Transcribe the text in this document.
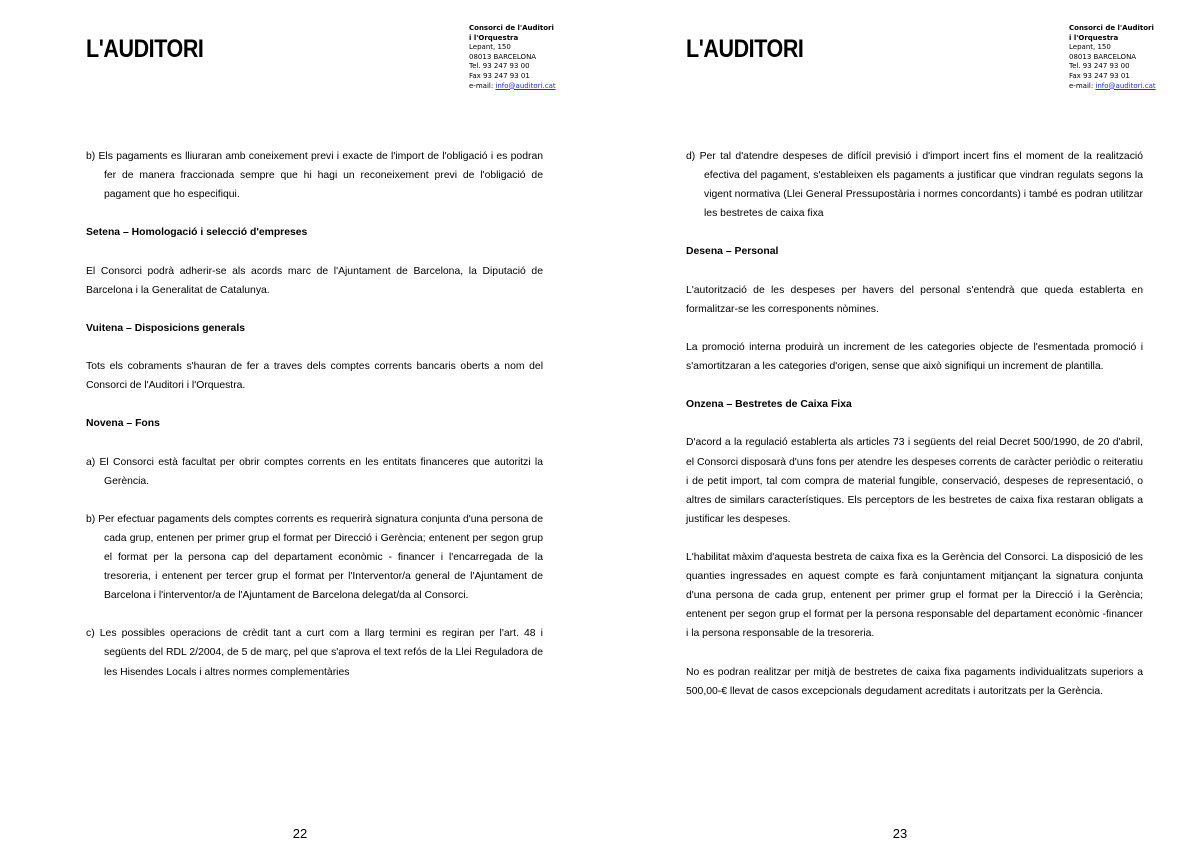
L'AUDITORI
Consorci de l'Auditori
i l'Orquestra
Lepant, 150
08013 BARCELONA
Tel. 93 247 93 00
Fax 93 247 93 01
e-mail: info@auditori.cat

b) Els pagaments es lliuraran amb coneixement previ i exacte de l'import de l'obligació i es podran fer de manera fraccionada sempre que hi hagi un reconeixement previ de l'obligació de pagament que ho especifiqui.

Setena – Homologació i selecció d'empreses

El Consorci podrà adherir-se als acords marc de l'Ajuntament de Barcelona, la Diputació de Barcelona i la Generalitat de Catalunya.

Vuitena – Disposicions generals

Tots els cobraments s'hauran de fer a traves dels comptes corrents bancaris oberts a nom del Consorci de l'Auditori i l'Orquestra.

Novena – Fons

a) El Consorci està facultat per obrir comptes corrents en les entitats financeres que autoritzi la Gerència.

b) Per efectuar pagaments dels comptes corrents es requerirà signatura conjunta d'una persona de cada grup, entenen per primer grup el format per Direcció i Gerència; entenent per segon grup el format per la persona cap del departament econòmic - financer i l'encarregada de la tresoreria, i entenent per tercer grup el format per l'Interventor/a general de l'Ajuntament de Barcelona i l'interventor/a de l'Ajuntament de Barcelona delegat/da al Consorci.

c) Les possibles operacions de crèdit tant a curt com a llarg termini es regiran per l'art. 48 i següents del RDL 2/2004, de 5 de març, pel que s'aprova el text refós de la Llei Reguladora de les Hisendes Locals i altres normes complementàries

22
L'AUDITORI
Consorci de l'Auditori
i l'Orquestra
Lepant, 150
08013 BARCELONA
Tel. 93 247 93 00
Fax 93 247 93 01
e-mail: info@auditori.cat

d) Per tal d'atendre despeses de difícil previsió i d'import incert fins el moment de la realització efectiva del pagament, s'estableixen els pagaments a justificar que vindran regulats segons la vigent normativa (Llei General Pressupostària i normes concordants) i també es podran utilitzar les bestretes de caixa fixa

Desena – Personal

L'autorització de les despeses per havers del personal s'entendrà que queda establerta en formalitzar-se les corresponents nòmines.

La promoció interna produirà un increment de les categories objecte de l'esmentada promoció i s'amortitzaran a les categories d'origen, sense que això signifiqui un increment de plantilla.

Onzena – Bestretes de Caixa Fixa

D'acord a la regulació establerta als articles 73 i següents del reial Decret 500/1990, de 20 d'abril, el Consorci disposarà d'uns fons per atendre les despeses corrents de caràcter periòdic o reiteratiu i de petit import, tal com compra de material fungible, conservació, despeses de representació, o altres de similars característiques. Els perceptors de les bestretes de caixa fixa restaran obligats a justificar les despeses.

L'habilitat màxim d'aquesta bestreta de caixa fixa es la Gerència del Consorci. La disposició de les quanties ingressades en aquest compte es farà conjuntament mitjançant la signatura conjunta d'una persona de cada grup, entenent per primer grup el format per la Direcció i la Gerència; entenent per segon grup el format per la persona responsable del departament econòmic -financer i la persona responsable de la tresoreria.

No es podran realitzar per mitjà de bestretes de caixa fixa pagaments individualitzats superiors a 500,00-€ llevat de casos excepcionals degudament acreditats i autoritzats per la Gerència.

23
